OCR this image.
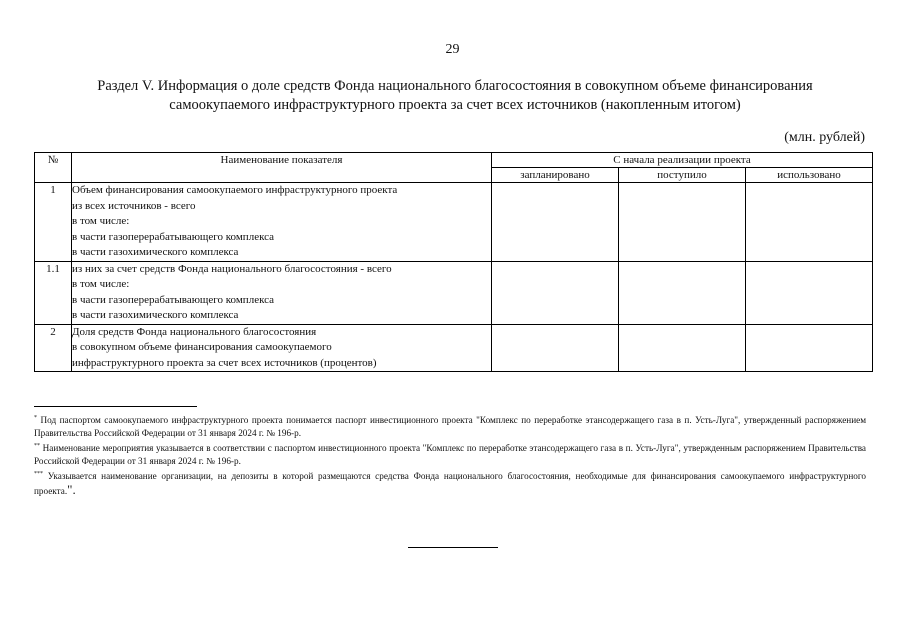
29
Раздел V. Информация о доле средств Фонда национального благосостояния в совокупном объеме финансирования
самоокупаемого инфраструктурного проекта за счет всех источников (накопленным итогом)
(млн. рублей)
№	Наименование показателя	С начала реализации проекта		
		запланировано	поступило	использовано
1	Объем финансирования самоокупаемого инфраструктурного проекта
из всех источников - всего
в том числе:
в части газоперерабатывающего комплекса
в части газохимического комплекса			

1.1	из них за счет средств Фонда национального благосостояния - всего
в том числе:
в части газоперерабатывающего комплекса
в части газохимического комплекса			

2	Доля средств Фонда национального благосостояния
в совокупном объеме финансирования самоокупаемого
инфраструктурного проекта за счет всех источников (процентов)			

* Под паспортом самоокупаемого инфраструктурного проекта понимается паспорт инвестиционного проекта "Комплекс по переработке этансодержащего газа в п. Усть-Луга", утвержденный распоряжением Правительства Российской Федерации от 31 января 2024 г. № 196-р.

** Наименование мероприятия указывается в соответствии с паспортом инвестиционного проекта "Комплекс по переработке этансодержащего газа в п. Усть-Луга", утвержденным распоряжением Правительства Российской Федерации от 31 января 2024 г. № 196-р.

*** Указывается наименование организации, на депозиты в которой размещаются средства Фонда национального благосостояния, необходимые для финансирования самоокупаемого инфраструктурного проекта.".
